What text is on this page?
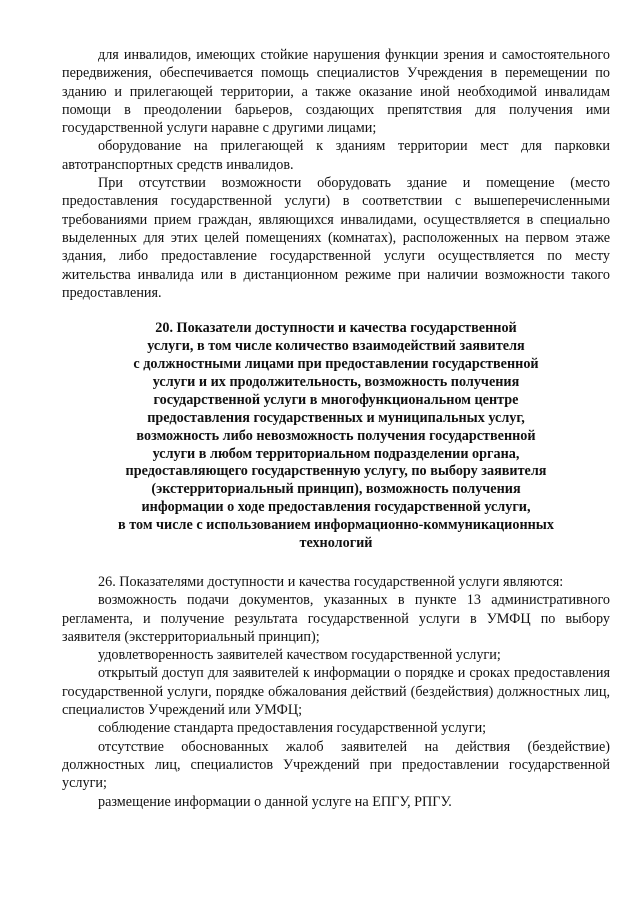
для инвалидов, имеющих стойкие нарушения функции зрения и самостоятельного передвижения, обеспечивается помощь специалистов Учреждения в перемещении по зданию и прилегающей территории, а также оказание иной необходимой инвалидам помощи в преодолении барьеров, создающих препятствия для получения ими государственной услуги наравне с другими лицами;

оборудование на прилегающей к зданиям территории мест для парковки автотранспортных средств инвалидов.

При отсутствии возможности оборудовать здание и помещение (место предоставления государственной услуги) в соответствии с вышеперечисленными требованиями прием граждан, являющихся инвалидами, осуществляется в специально выделенных для этих целей помещениях (комнатах), расположенных на первом этаже здания, либо предоставление государственной услуги осуществляется по месту жительства инвалида или в дистанционном режиме при наличии возможности такого предоставления.

20. Показатели доступности и качества государственной
услуги, в том числе количество взаимодействий заявителя
с должностными лицами при предоставлении государственной
услуги и их продолжительность, возможность получения
государственной услуги в многофункциональном центре
предоставления государственных и муниципальных услуг,
возможность либо невозможность получения государственной
услуги в любом территориальном подразделении органа,
предоставляющего государственную услугу, по выбору заявителя
(экстерриториальный принцип), возможность получения
информации о ходе предоставления государственной услуги,
в том числе с использованием информационно-коммуникационных
технологий

26. Показателями доступности и качества государственной услуги являются:

возможность подачи документов, указанных в пункте 13 административного регламента, и получение результата государственной услуги в УМФЦ по выбору заявителя (экстерриториальный принцип);

удовлетворенность заявителей качеством государственной услуги;

открытый доступ для заявителей к информации о порядке и сроках предоставления государственной услуги, порядке обжалования действий (бездействия) должностных лиц, специалистов Учреждений или УМФЦ;

соблюдение стандарта предоставления государственной услуги;

отсутствие обоснованных жалоб заявителей на действия (бездействие) должностных лиц, специалистов Учреждений при предоставлении государственной услуги;

размещение информации о данной услуге на ЕПГУ, РПГУ.
